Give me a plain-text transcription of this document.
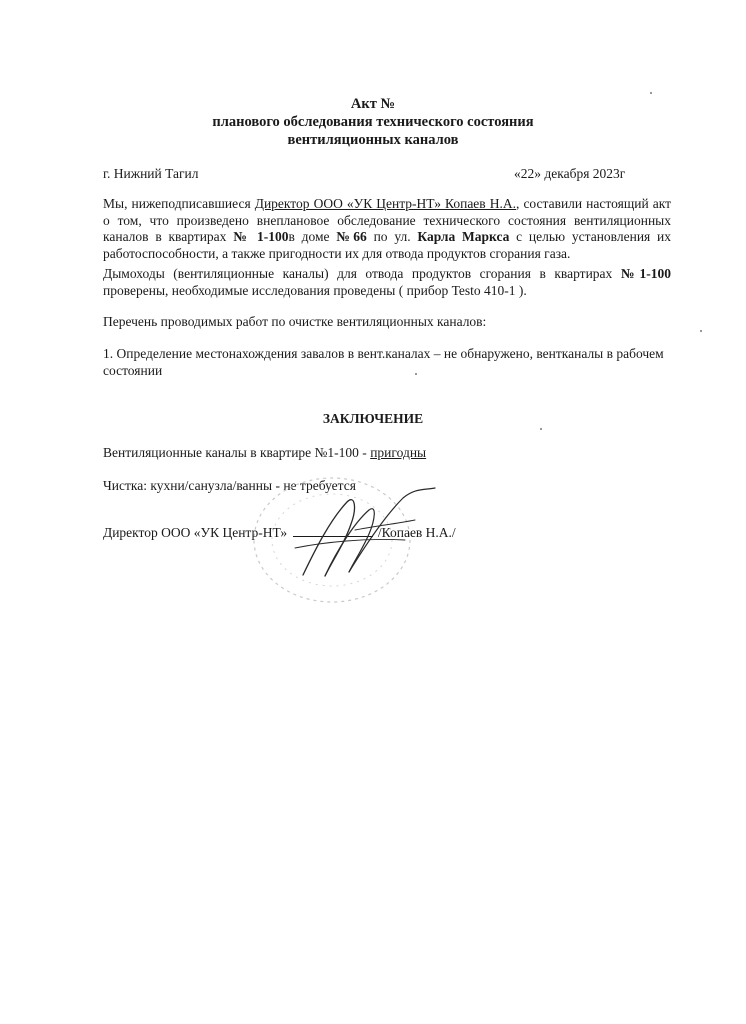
Акт №
планового обследования технического состояния
вентиляционных каналов
г. Нижний Тагил	«22» декабря 2023г
Мы, нижеподписавшиеся Директор ООО «УК Центр-НТ» Копаев Н.А., составили настоящий акт о том, что произведено внеплановое обследование технического состояния вентиляционных каналов в квартирах № 1-100в доме №66 по ул. Карла Маркса с целью установления их работоспособности, а также пригодности их для отвода продуктов сгорания газа.
Дымоходы (вентиляционные каналы) для отвода продуктов сгорания в квартирах №1-100 проверены, необходимые исследования проведены ( прибор Testo 410-1 ).
Перечень проводимых работ по очистке вентиляционных каналов:
1. Определение местонахождения завалов в вент.каналах – не обнаружено, вентканалы в рабочем состоянии
ЗАКЛЮЧЕНИЕ
Вентиляционные каналы в квартире №1-100 - пригодны
Чистка: кухни/санузла/ванны - не требуется
Директор ООО «УК Центр-НТ»	/Копаев Н.А./
